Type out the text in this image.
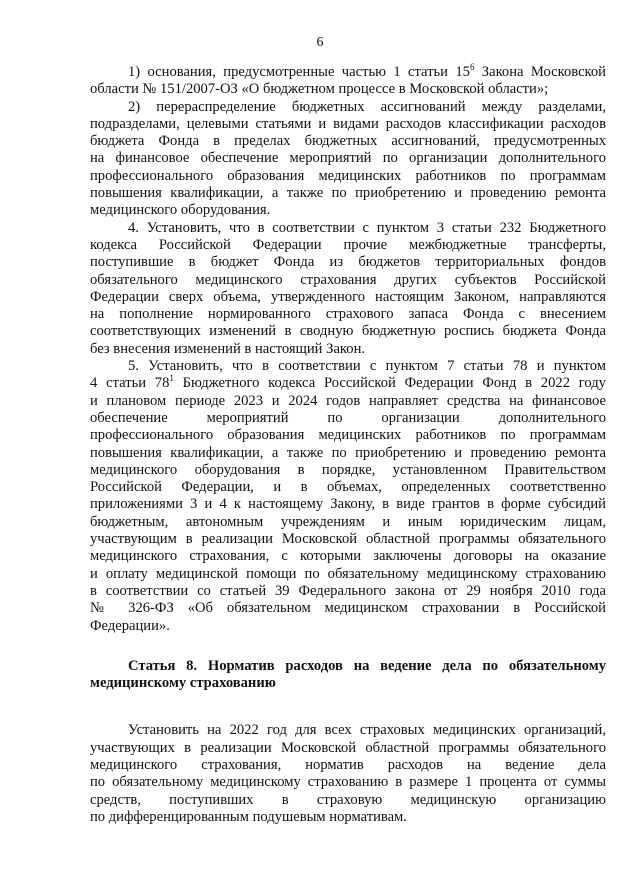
6
1) основания, предусмотренные частью 1 статьи $15^6$ Закона Московской
области № 151/2007-ОЗ «О бюджетном процессе в Московской области»;
2) перераспределение бюджетных ассигнований между разделами,
подразделами, целевыми статьями и видами расходов классификации расходов
бюджета Фонда в пределах бюджетных ассигнований, предусмотренных
на финансовое обеспечение мероприятий по организации дополнительного
профессионального образования медицинских работников по программам
повышения квалификации, а также по приобретению и проведению ремонта
медицинского оборудования.
4. Установить, что в соответствии с пунктом 3 статьи 232 Бюджетного
кодекса Российской Федерации прочие межбюджетные трансферты,
поступившие в бюджет Фонда из бюджетов территориальных фондов
обязательного медицинского страхования других субъектов Российской
Федерации сверх объема, утвержденного настоящим Законом, направляются
на пополнение нормированного страхового запаса Фонда с внесением
соответствующих изменений в сводную бюджетную роспись бюджета Фонда
без внесения изменений в настоящий Закон.
5. Установить, что в соответствии с пунктом 7 статьи 78 и пунктом
4 статьи $78^1$ Бюджетного кодекса Российской Федерации Фонд в 2022 году
и плановом периоде 2023 и 2024 годов направляет средства на финансовое
обеспечение мероприятий по организации дополнительного
профессионального образования медицинских работников по программам
повышения квалификации, а также по приобретению и проведению ремонта
медицинского оборудования в порядке, установленном Правительством
Российской Федерации, и в объемах, определенных соответственно
приложениями 3 и 4 к настоящему Закону, в виде грантов в форме субсидий
бюджетным, автономным учреждениям и иным юридическим лицам,
участвующим в реализации Московской областной программы обязательного
медицинского страхования, с которыми заключены договоры на оказание
и оплату медицинской помощи по обязательному медицинскому страхованию
в соответствии со статьей 39 Федерального закона от 29 ноября 2010 года
№ 326-ФЗ «Об обязательном медицинском страховании в Российской
Федерации».
Статья 8. Норматив расходов на ведение дела по обязательному
медицинскому страхованию
Установить на 2022 год для всех страховых медицинских организаций,
участвующих в реализации Московской областной программы обязательного
медицинского страхования, норматив расходов на ведение дела
по обязательному медицинскому страхованию в размере 1 процента от суммы
средств, поступивших в страховую медицинскую организацию
по дифференцированным подушевым нормативам.
